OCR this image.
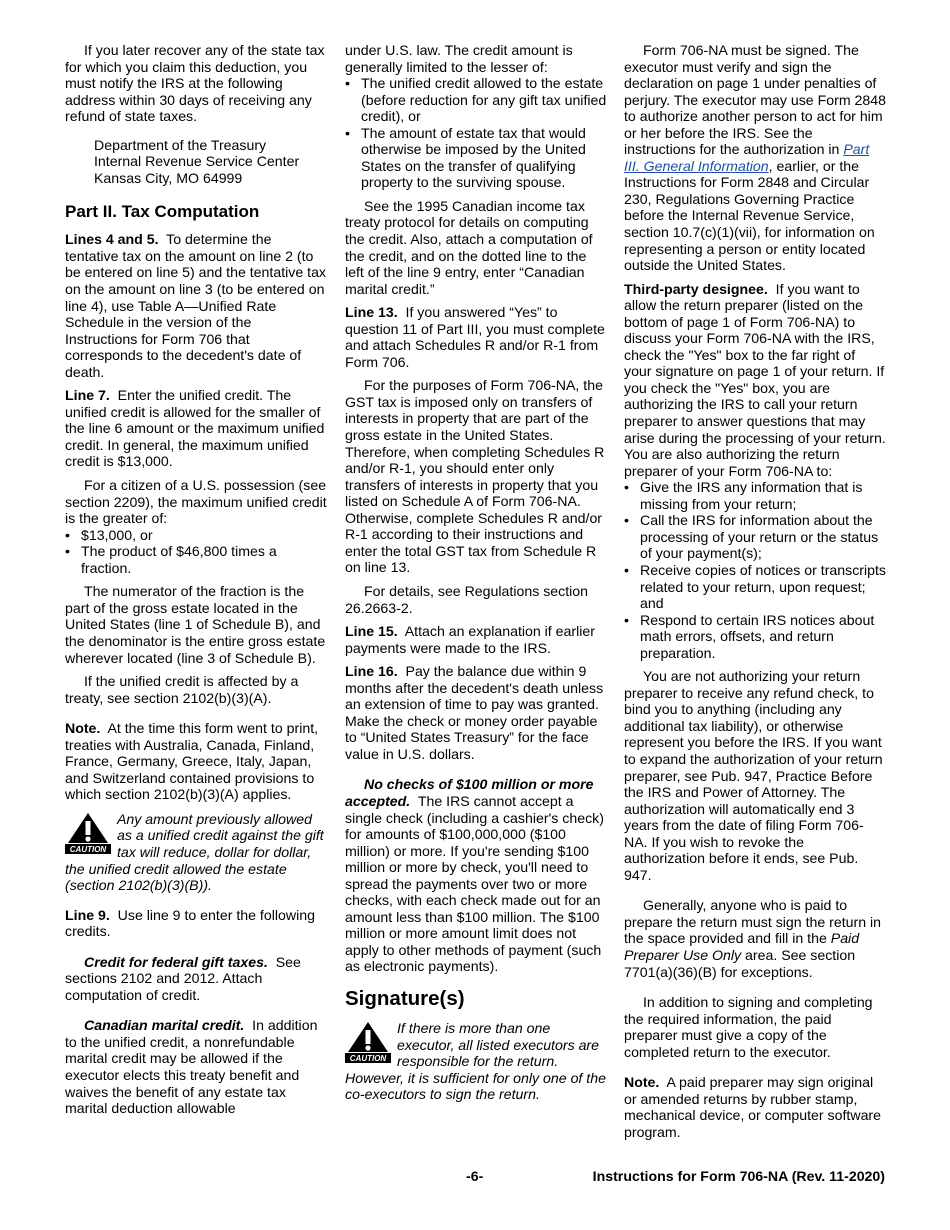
If you later recover any of the state tax for which you claim this deduction, you must notify the IRS at the following address within 30 days of receiving any refund of state taxes.

Department of the Treasury
Internal Revenue Service Center
Kansas City, MO 64999
Part II. Tax Computation

Lines 4 and 5. To determine the tentative tax on the amount on line 2 (to be entered on line 5) and the tentative tax on the amount on line 3 (to be entered on line 4), use Table A—Unified Rate Schedule in the version of the Instructions for Form 706 that corresponds to the decedent's date of death.

Line 7. Enter the unified credit. The unified credit is allowed for the smaller of the line 6 amount or the maximum unified credit. In general, the maximum unified credit is $13,000.

For a citizen of a U.S. possession (see section 2209), the maximum unified credit is the greater of:

• $13,000, or
• The product of $46,800 times a fraction.

The numerator of the fraction is the part of the gross estate located in the United States (line 1 of Schedule B), and the denominator is the entire gross estate wherever located (line 3 of Schedule B).

If the unified credit is affected by a treaty, see section 2102(b)(3)(A).

Note. At the time this form went to print, treaties with Australia, Canada, Finland, France, Germany, Greece, Italy, Japan, and Switzerland contained provisions to which section 2102(b)(3)(A) applies.

CAUTION
Any amount previously allowed as a unified credit against the gift tax will reduce, dollar for dollar, the unified credit allowed the estate (section 2102(b)(3)(B)).

Line 9. Use line 9 to enter the following credits.

Credit for federal gift taxes. See sections 2102 and 2012. Attach computation of credit.

Canadian marital credit. In addition to the unified credit, a nonrefundable marital credit may be allowed if the executor elects this treaty benefit and waives the benefit of any estate tax marital deduction allowable

under U.S. law. The credit amount is generally limited to the lesser of:

• The unified credit allowed to the estate (before reduction for any gift tax unified credit), or
• The amount of estate tax that would otherwise be imposed by the United States on the transfer of qualifying property to the surviving spouse.

See the 1995 Canadian income tax treaty protocol for details on computing the credit. Also, attach a computation of the credit, and on the dotted line to the left of the line 9 entry, enter “Canadian marital credit.”

Line 13. If you answered “Yes” to question 11 of Part III, you must complete and attach Schedules R and/or R-1 from Form 706.

For the purposes of Form 706-NA, the GST tax is imposed only on transfers of interests in property that are part of the gross estate in the United States. Therefore, when completing Schedules R and/or R-1, you should enter only transfers of interests in property that you listed on Schedule A of Form 706-NA. Otherwise, complete Schedules R and/or R-1 according to their instructions and enter the total GST tax from Schedule R on line 13.

For details, see Regulations section 26.2663-2.

Line 15. Attach an explanation if earlier payments were made to the IRS.

Line 16. Pay the balance due within 9 months after the decedent's death unless an extension of time to pay was granted. Make the check or money order payable to “United States Treasury” for the face value in U.S. dollars.

No checks of $100 million or more accepted. The IRS cannot accept a single check (including a cashier's check) for amounts of $100,000,000 ($100 million) or more. If you're sending $100 million or more by check, you'll need to spread the payments over two or more checks, with each check made out for an amount less than $100 million. The $100 million or more amount limit does not apply to other methods of payment (such as electronic payments).

Signature(s)
CAUTION
If there is more than one executor, all listed executors are responsible for the return. However, it is sufficient for only one of the co-executors to sign the return.

Form 706-NA must be signed. The executor must verify and sign the declaration on page 1 under penalties of perjury. The executor may use Form 2848 to authorize another person to act for him or her before the IRS. See the instructions for the authorization in Part III. General Information, earlier, or the Instructions for Form 2848 and Circular 230, Regulations Governing Practice before the Internal Revenue Service, section 10.7(c)(1)(vii), for information on representing a person or entity located outside the United States.

Third-party designee. If you want to allow the return preparer (listed on the bottom of page 1 of Form 706-NA) to discuss your Form 706-NA with the IRS, check the "Yes" box to the far right of your signature on page 1 of your return. If you check the "Yes" box, you are authorizing the IRS to call your return preparer to answer questions that may arise during the processing of your return. You are also authorizing the return preparer of your Form 706-NA to:

• Give the IRS any information that is missing from your return;
• Call the IRS for information about the processing of your return or the status of your payment(s);
• Receive copies of notices or transcripts related to your return, upon request; and
• Respond to certain IRS notices about math errors, offsets, and return preparation.

You are not authorizing your return preparer to receive any refund check, to bind you to anything (including any additional tax liability), or otherwise represent you before the IRS. If you want to expand the authorization of your return preparer, see Pub. 947, Practice Before the IRS and Power of Attorney. The authorization will automatically end 3 years from the date of filing Form 706-NA. If you wish to revoke the authorization before it ends, see Pub. 947.

Generally, anyone who is paid to prepare the return must sign the return in the space provided and fill in the Paid Preparer Use Only area. See section 7701(a)(36)(B) for exceptions.

In addition to signing and completing the required information, the paid preparer must give a copy of the completed return to the executor.

Note. A paid preparer may sign original or amended returns by rubber stamp, mechanical device, or computer software program.

-6-	Instructions for Form 706-NA (Rev. 11-2020)
